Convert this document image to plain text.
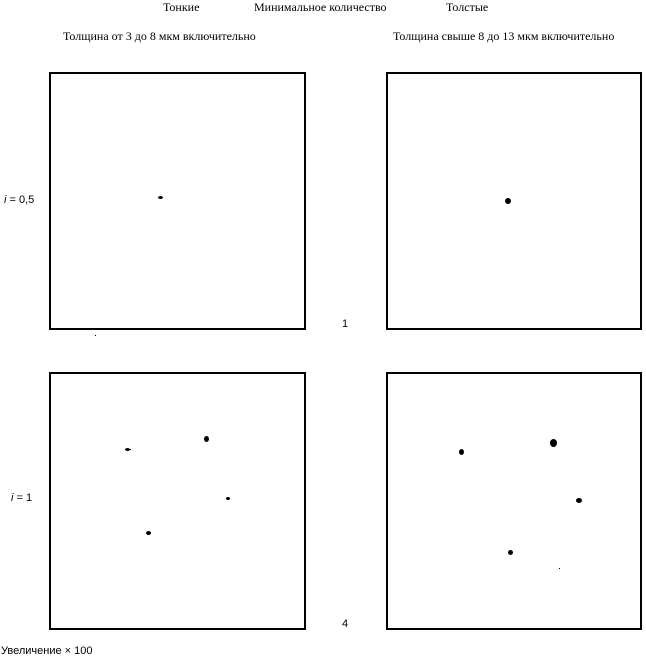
Тонкие	Минимальное количество	Толстые
Толщина от 3 до 8 мкм включительно	Толщина свыше 8 до 13 мкм включительно
i = 0,5
1
i = 1
4
Увеличение × 100
